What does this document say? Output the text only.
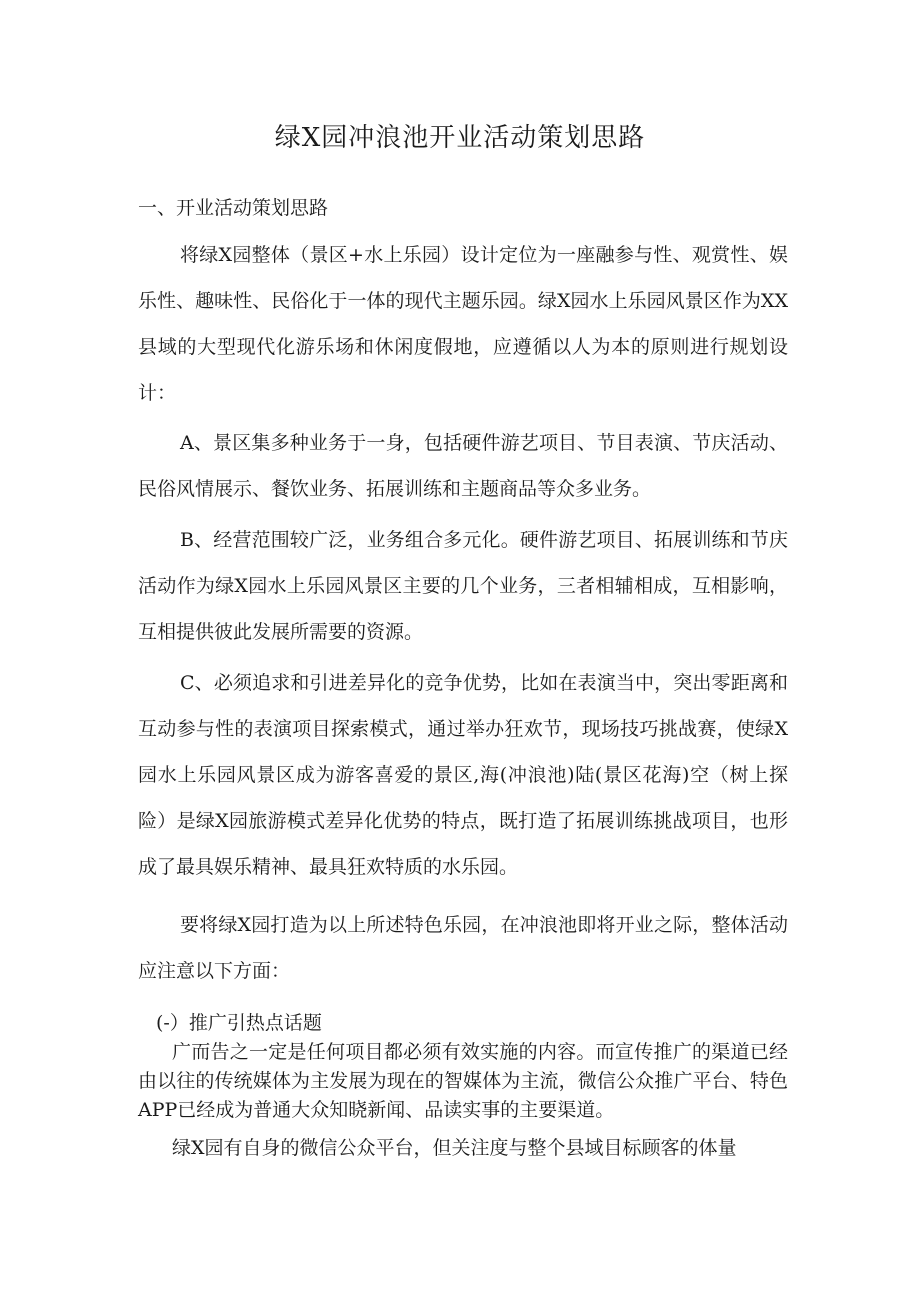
绿X园冲浪池开业活动策划思路
一、开业活动策划思路

将绿X园整体（景区+水上乐园）设计定位为一座融参与性、观赏性、娱乐性、趣味性、民俗化于一体的现代主题乐园。绿X园水上乐园风景区作为XX县域的大型现代化游乐场和休闲度假地，应遵循以人为本的原则进行规划设计：

A、景区集多种业务于一身，包括硬件游艺项目、节目表演、节庆活动、民俗风情展示、餐饮业务、拓展训练和主题商品等众多业务。

B、经营范围较广泛，业务组合多元化。硬件游艺项目、拓展训练和节庆活动作为绿X园水上乐园风景区主要的几个业务，三者相辅相成，互相影响，互相提供彼此发展所需要的资源。

C、必须追求和引进差异化的竞争优势，比如在表演当中，突出零距离和互动参与性的表演项目探索模式，通过举办狂欢节，现场技巧挑战赛，使绿X园水上乐园风景区成为游客喜爱的景区,海(冲浪池)陆(景区花海)空（树上探险）是绿X园旅游模式差异化优势的特点，既打造了拓展训练挑战项目，也形成了最具娱乐精神、最具狂欢特质的水乐园。

要将绿X园打造为以上所述特色乐园，在冲浪池即将开业之际，整体活动应注意以下方面：

(-）推广引热点话题

广而告之一定是任何项目都必须有效实施的内容。而宣传推广的渠道已经由以往的传统媒体为主发展为现在的智媒体为主流，微信公众推广平台、特色APP已经成为普通大众知晓新闻、品读实事的主要渠道。

绿X园有自身的微信公众平台，但关注度与整个县域目标顾客的体量
